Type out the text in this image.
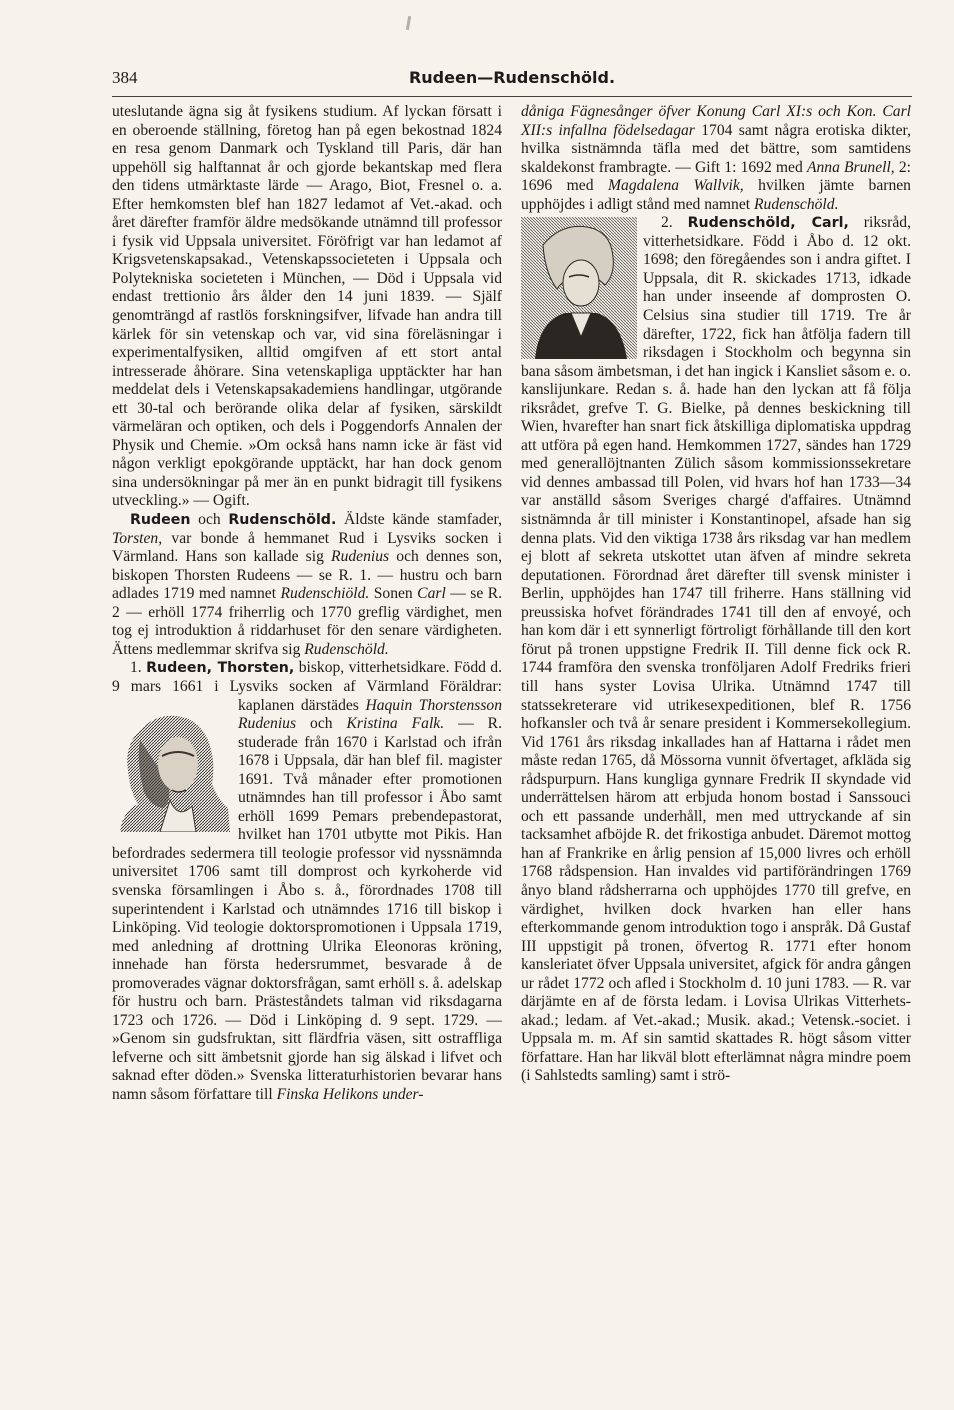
384	Rudeen—Rudenschöld.

uteslutande ägna sig åt fysikens studium. Af lyckan försatt i en oberoende ställning, företog han på egen bekostnad 1824 en resa genom Danmark och Tyskland till Paris, där han uppehöll sig halftannat år och gjorde bekantskap med flera den tidens utmärktaste lärde — Arago, Biot, Fresnel o. a. Efter hemkomsten blef han 1827 ledamot af Vet.-akad. och året därefter framför äldre medsökande utnämnd till professor i fysik vid Uppsala universitet. Föröfrigt var han ledamot af Krigsvetenskapsakad., Vetenskapssocieteten i Uppsala och Polytekniska societeten i München, — Död i Uppsala vid endast trettionio års ålder den 14 juni 1839. — Själf genomträngd af rastlös forskningsifver, lifvade han andra till kärlek för sin vetenskap och var, vid sina föreläsningar i experimentalfysiken, alltid omgifven af ett stort antal intresserade åhörare. Sina vetenskapliga upptäckter har han meddelat dels i Vetenskapsakademiens handlingar, utgörande ett 30-tal och berörande olika delar af fysiken, särskildt värmeläran och optiken, och dels i Poggendorfs Annalen der Physik und Chemie. »Om också hans namn icke är fäst vid någon verkligt epokgörande upptäckt, har han dock genom sina undersökningar på mer än en punkt bidragit till fysikens utveckling.» — Ogift.

Rudeen och Rudenschöld. Äldste kände stamfader, Torsten, var bonde å hemmanet Rud i Lysviks socken i Värmland. Hans son kallade sig Rudenius och dennes son, biskopen Thorsten Rudeens — se R. 1. — hustru och barn adlades 1719 med namnet Rudenschiöld. Sonen Carl — se R. 2 — erhöll 1774 friherrlig och 1770 greflig värdighet, men tog ej introduktion å riddarhuset för den senare värdigheten. Ättens medlemmar skrifva sig Rudenschöld.

1. Rudeen, Thorsten, biskop, vitterhetsidkare. Född d. 9 mars 1661 i Lysviks socken af Värmland Föräldrar: kaplanen därstädes
Haquin Thorstensson Rudenius och Kristina Falk. — R. studerade från 1670 i Karlstad och ifrån 1678 i Uppsala, där han blef fil. magister 1691. Två månader efter promotionen utnämndes han till professor i Åbo samt erhöll 1699 Pemars prebendepastorat, hvilket han 1701 utbytte mot Pikis. Han befordrades sedermera till teologie professor vid nyssnämnda universitet 1706 samt till domprost och kyrkoherde vid svenska församlingen i Åbo s. å., förordnades 1708 till superintendent i Karlstad och utnämndes 1716 till biskop i Linköping. Vid teologie doktorspromotionen i Uppsala 1719, med anledning af drottning Ulrika Eleonoras kröning, innehade han första hedersrummet, besvarade å de promoverades vägnar doktorsfrågan, samt erhöll s. å. adelskap för hustru och barn. Prästeståndets talman vid riksdagarna 1723 och 1726. — Död i Linköping d. 9 sept. 1729. — »Genom sin gudsfruktan, sitt flärdfria väsen, sitt ostraffliga lefverne och sitt ämbetsnit gjorde han sig älskad i lifvet och saknad efter döden.» Svenska litteraturhistorien bevarar hans namn såsom författare till Finska Helikons under-

dåniga Fägnesånger öfver Konung Carl XI:s och Kon. Carl XII:s infallna födelsedagar 1704 samt några erotiska dikter, hvilka sistnämnda täfla med det bättre, som samtidens skaldekonst frambragte. — Gift 1: 1692 med Anna Brunell, 2: 1696 med Magdalena Wallvik, hvilken jämte barnen upphöjdes i adligt stånd med namnet Rudenschöld.

2. Rudenschöld, Carl,
riksråd, vitterhetsidkare. Född i Åbo d. 12 okt. 1698; den föregåendes son i andra giftet. I Uppsala, dit R. skickades 1713, idkade han under inseende af domprosten O. Celsius sina studier till 1719. Tre år därefter, 1722, fick han åtfölja fadern till riksdagen i Stockholm och begynna sin bana såsom ämbetsman, i det han ingick i Kansliet såsom e. o. kanslijunkare. Redan s. å. hade han den lyckan att få följa riksrådet, grefve T. G. Bielke, på dennes beskickning till Wien, hvarefter han snart fick åtskilliga diplomatiska uppdrag att utföra på egen hand. Hemkommen 1727, sändes han 1729 med generallöjtnanten Zülich såsom kommissionssekretare vid dennes ambassad till Polen, vid hvars hof han 1733—34 var anställd såsom Sveriges chargé d'affaires. Utnämnd sistnämnda år till minister i Konstantinopel, afsade han sig denna plats. Vid den viktiga 1738 års riksdag var han medlem ej blott af sekreta utskottet utan äfven af mindre sekreta deputationen. Förordnad året därefter till svensk minister i Berlin, upphöjdes han 1747 till friherre. Hans ställning vid preussiska hofvet förändrades 1741 till den af envoyé, och han kom där i ett synnerligt förtroligt förhållande till den kort förut på tronen uppstigne Fredrik II. Till denne fick ock R. 1744 framföra den svenska tronföljaren Adolf Fredriks frieri till hans syster Lovisa Ulrika. Utnämnd 1747 till statssekreterare vid utrikesexpeditionen, blef R. 1756 hofkansler och två år senare president i Kommersekollegium. Vid 1761 års riksdag inkallades han af Hattarna i rådet men måste redan 1765, då Mössorna vunnit öfvertaget, afkläda sig rådspurpurn. Hans kungliga gynnare Fredrik II skyndade vid underrättelsen härom att erbjuda honom bostad i Sanssouci och ett passande underhåll, men med uttryckande af sin tacksamhet afböjde R. det frikostiga anbudet. Däremot mottog han af Frankrike en årlig pension af 15,000 livres och erhöll 1768 rådspension. Han invaldes vid partiförändringen 1769 ånyo bland rådsherrarna och upphöjdes 1770 till grefve, en värdighet, hvilken dock hvarken han eller hans efterkommande genom introduktion togo i anspråk. Då Gustaf III uppstigit på tronen, öfvertog R. 1771 efter honom kansleriatet öfver Uppsala universitet, afgick för andra gången ur rådet 1772 och afled i Stockholm d. 10 juni 1783. — R. var därjämte en af de första ledam. i Lovisa Ulrikas Vitterhets-akad.; ledam. af Vet.-akad.; Musik. akad.; Vetensk.-societ. i Uppsala m. m. Af sin samtid skattades R. högt såsom vitter författare. Han har likväl blott efterlämnat några mindre poem (i Sahlstedts samling) samt i strö-
